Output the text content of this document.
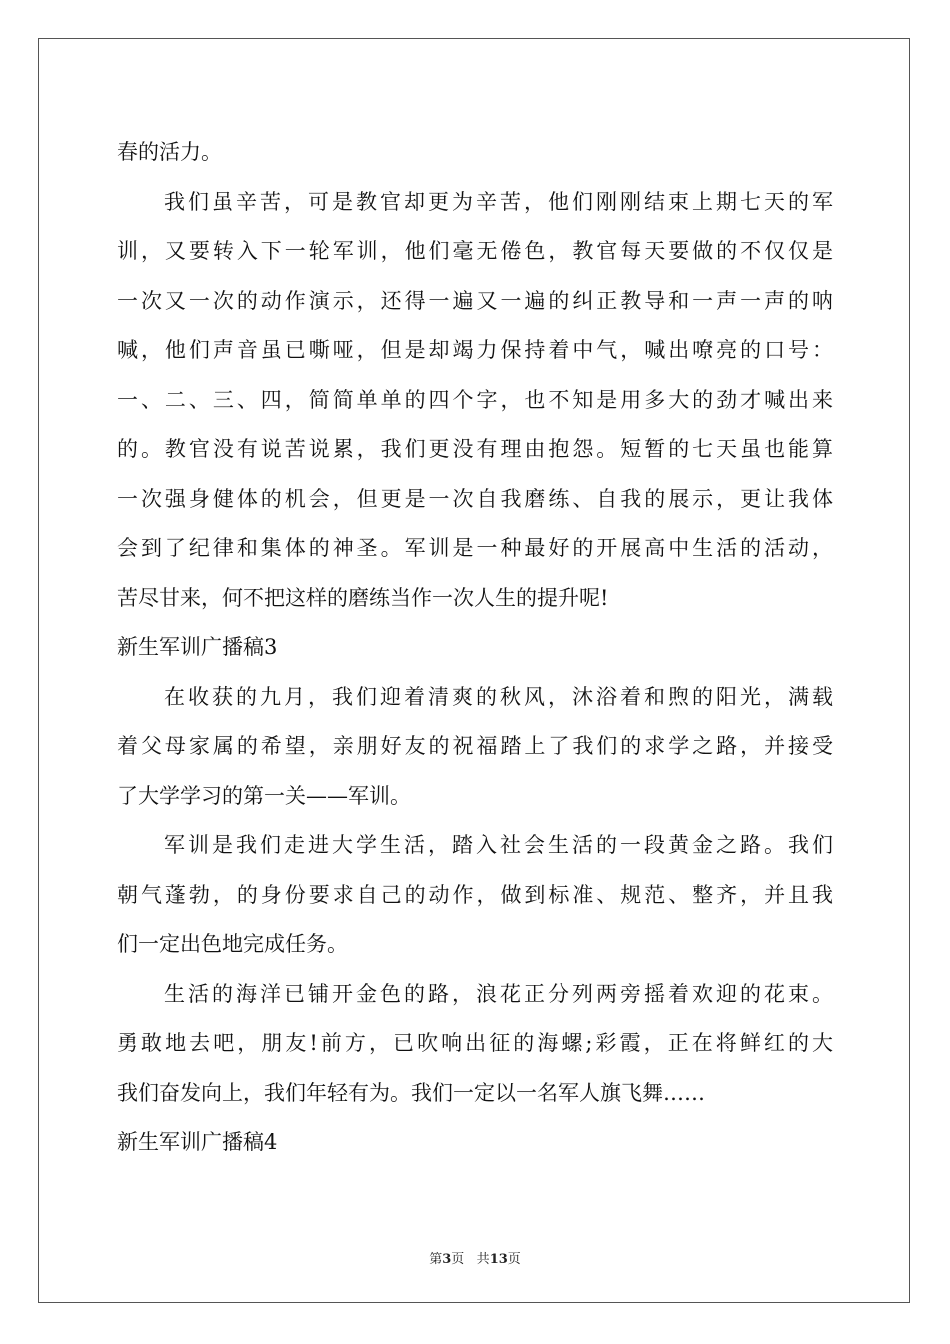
春的活力。
我们虽辛苦，可是教官却更为辛苦，他们刚刚结束上期七天的军
训，又要转入下一轮军训，他们毫无倦色，教官每天要做的不仅仅是
一次又一次的动作演示，还得一遍又一遍的纠正教导和一声一声的呐
喊，他们声音虽已嘶哑，但是却竭力保持着中气，喊出嘹亮的口号：
一、二、三、四，简简单单的四个字，也不知是用多大的劲才喊出来
的。教官没有说苦说累，我们更没有理由抱怨。短暂的七天虽也能算
一次强身健体的机会，但更是一次自我磨练、自我的展示，更让我体
会到了纪律和集体的神圣。军训是一种最好的开展高中生活的活动，
苦尽甘来，何不把这样的磨练当作一次人生的提升呢!
新生军训广播稿3
在收获的九月，我们迎着清爽的秋风，沐浴着和煦的阳光，满载
着父母家属的希望，亲朋好友的祝福踏上了我们的求学之路，并接受
了大学学习的第一关——军训。
军训是我们走进大学生活，踏入社会生活的一段黄金之路。我们
朝气蓬勃，的身份要求自己的动作，做到标准、规范、整齐，并且我
们一定出色地完成任务。
生活的海洋已铺开金色的路，浪花正分列两旁摇着欢迎的花束。
勇敢地去吧，朋友!前方，已吹响出征的海螺;彩霞，正在将鲜红的大
我们奋发向上，我们年轻有为。我们一定以一名军人旗飞舞……
新生军训广播稿4
第3页 共13页
